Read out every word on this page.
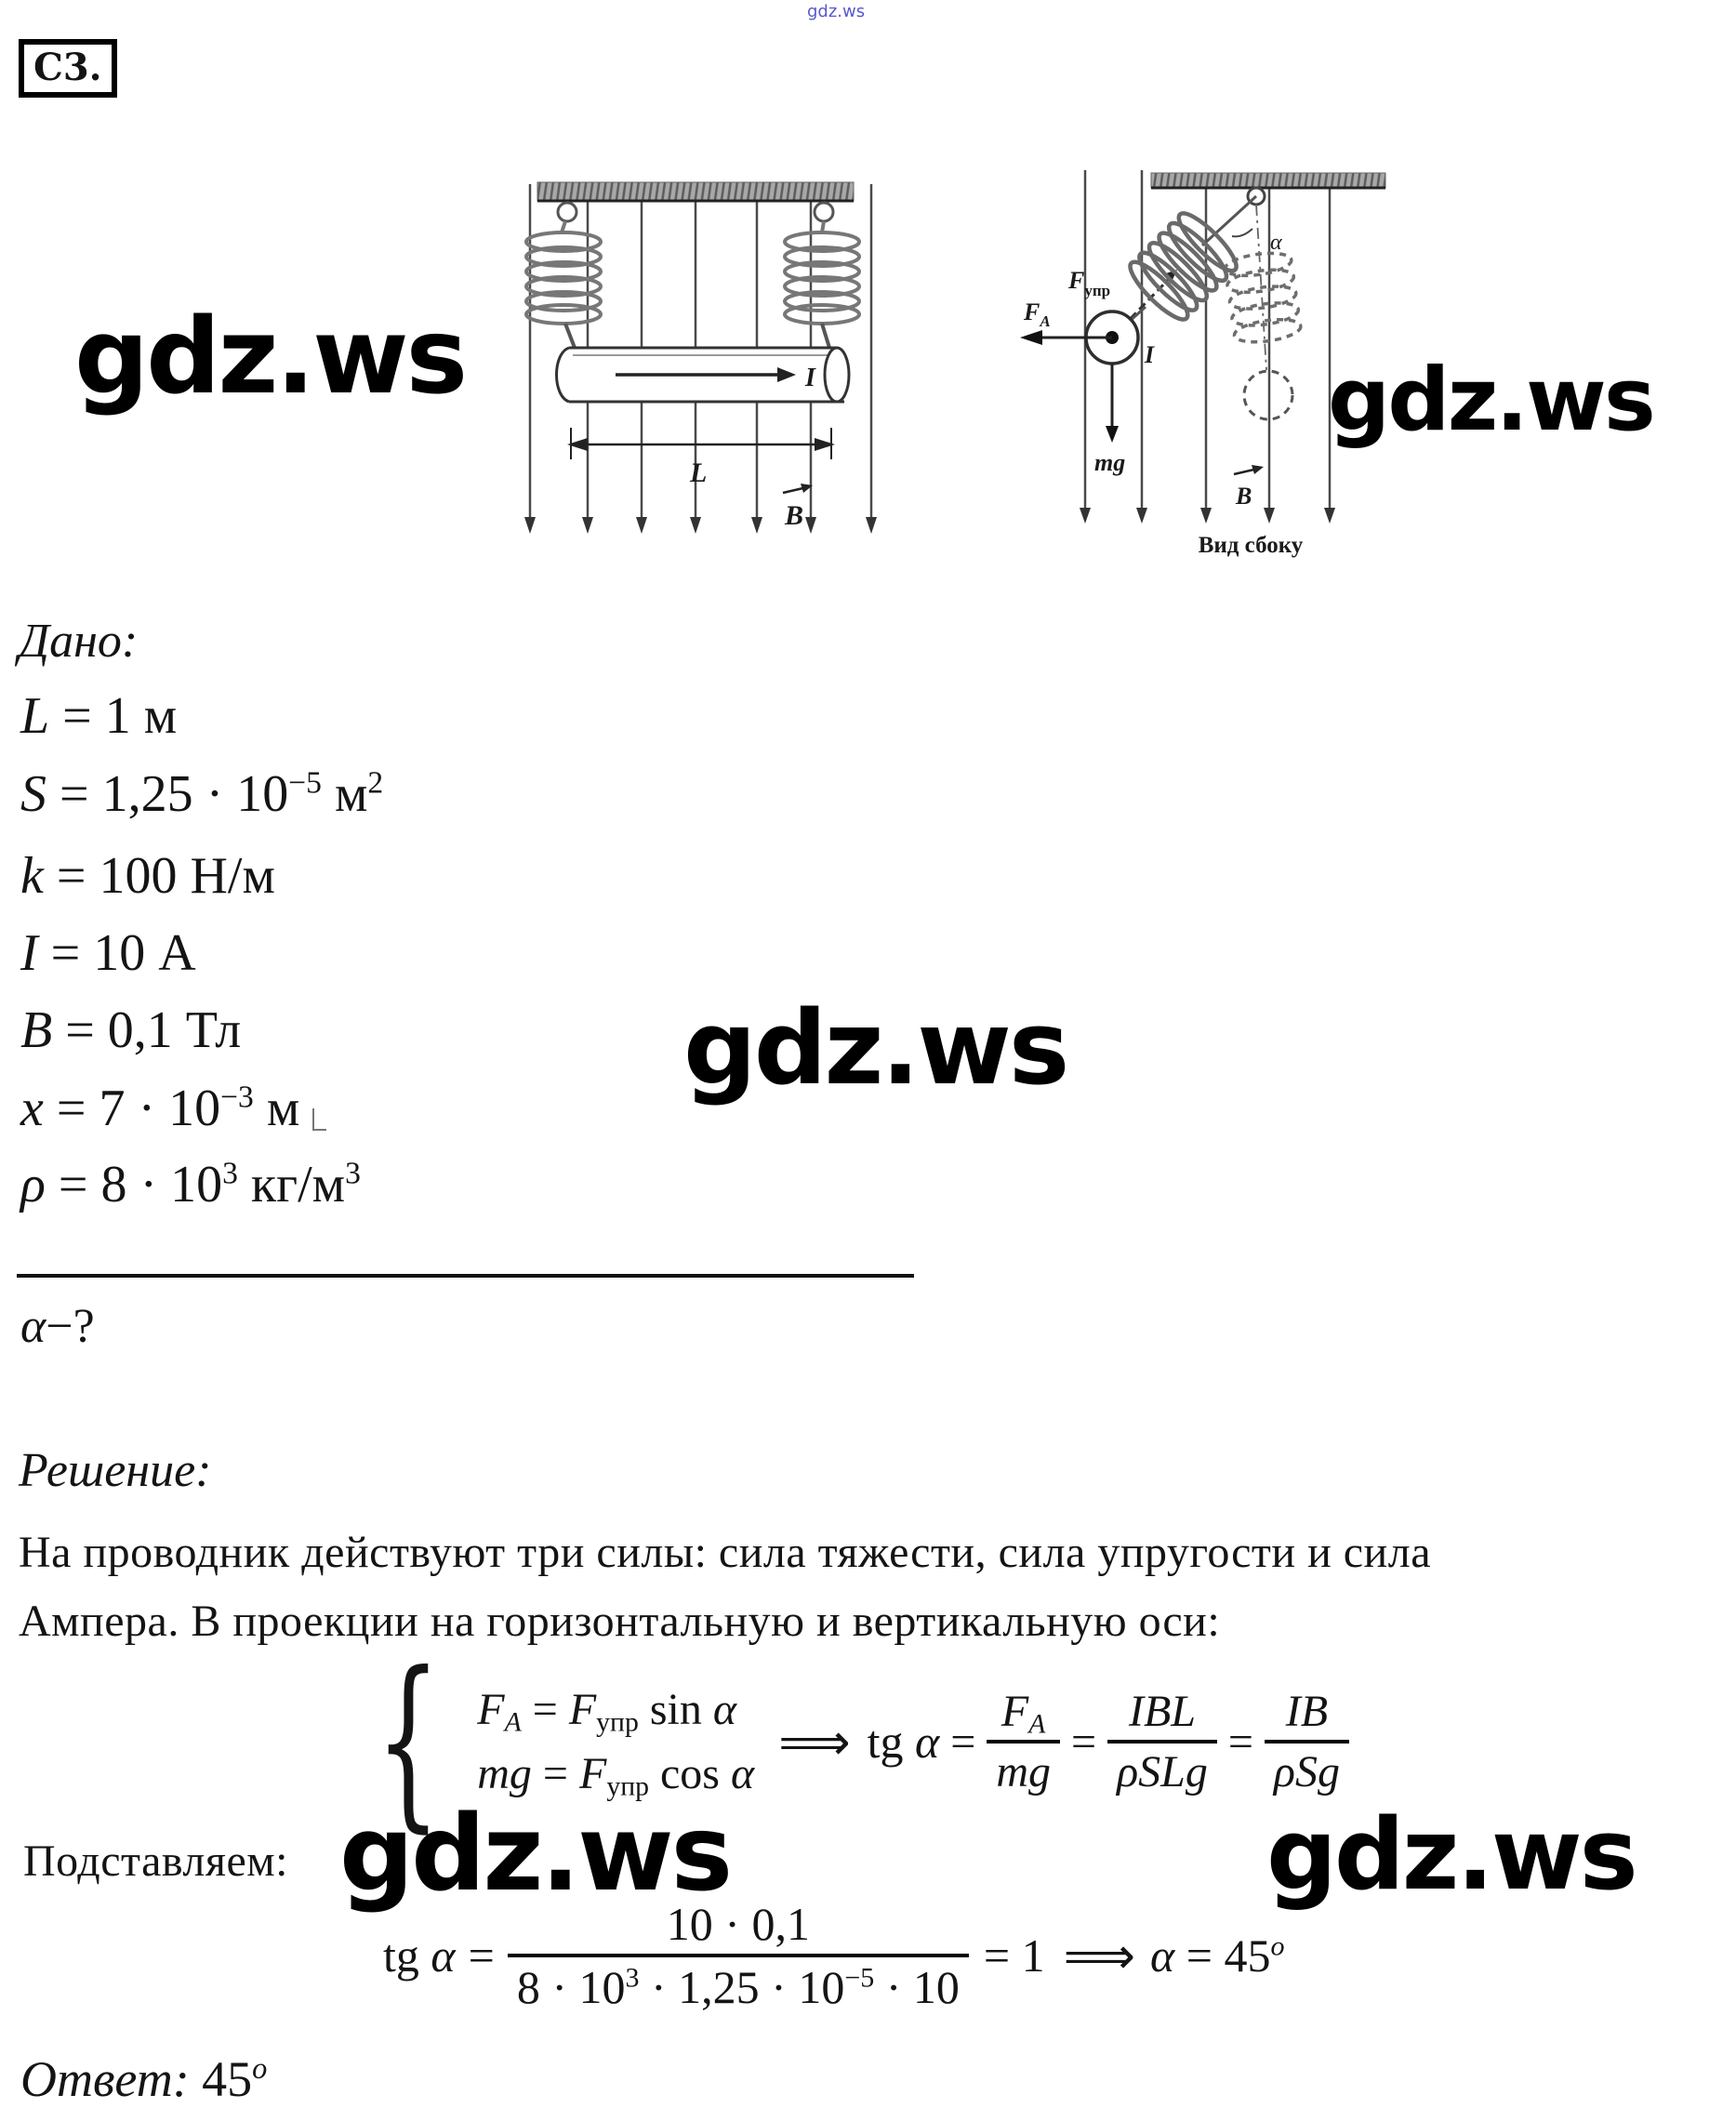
gdz.ws
gdz.ws	gdz.ws
gdz.ws
gdz.ws	gdz.ws
C3.
I
L
B
α
$F_{упр}$
$F_A$
I
mg
B
Вид сбоку
Дано:
L = 1 м
$S = 1,25 \cdot 10^{-5}$ $м^2$
k = 100 Н/м
I = 10 А
B = 0,1 Тл
$x = 7 \cdot 10^{-3}$ м
$\rho = 8 \cdot 10^3$ $кг/м^3$
α−?
Решение:
На проводник действуют три силы: сила тяжести, сила упругости и сила
Ампера. В проекции на горизонтальную и вертикальную оси:
{ FA = Fупр sin α
mg = Fупр cos α
⟹ tg $\alpha = \frac{FA}{mg} = \frac{\text{IBL}}{\text{ρSLg}} = \frac{IB}{\text{ρSg}}$
Подставляем:
tg $\alpha = \frac{10 \cdot 0,1}{8 \cdot 10^3 \cdot 1,25 \cdot 10^{-5} \cdot 10} = 1$ ⟹ $\alpha = 45^o$
Ответ: 45$^o$
